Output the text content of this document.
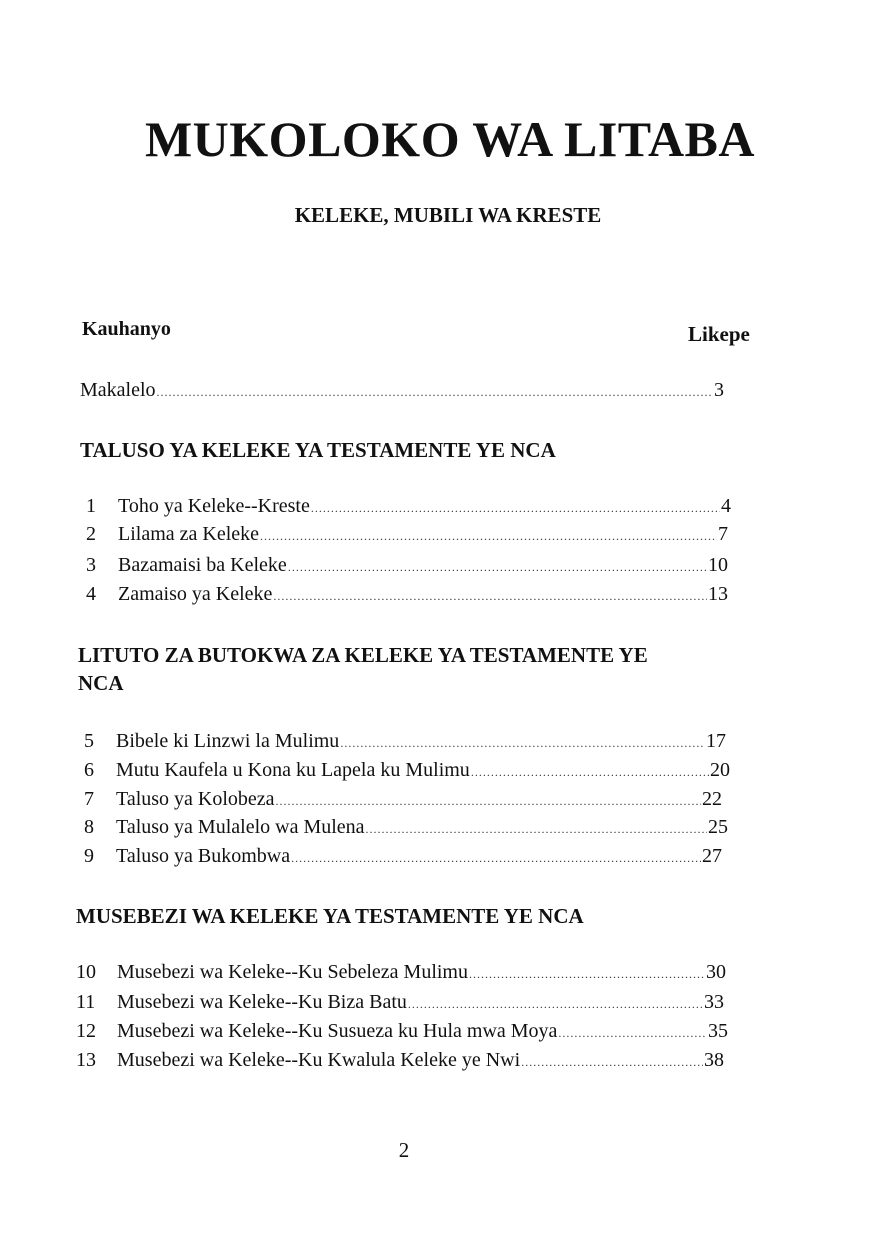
MUKOLOKO WA LITABA
KELEKE, MUBILI WA KRESTE
Kauhanyo	Likepe
Makalelo .....	3
TALUSO YA KELEKE YA TESTAMENTE YE NCA
1	Toho ya Keleke--Kreste .....	4
2	Lilama za Keleke .....	7
3	Bazamaisi ba Keleke .....	10
4	Zamaiso ya Keleke .....	13
LITUTO ZA BUTOKWA ZA KELEKE YA TESTAMENTE YE
NCA
5	Bibele ki Linzwi la Mulimu .....	17
6	Mutu Kaufela u Kona ku Lapela ku Mulimu .....	20
7	Taluso ya Kolobeza .....	22
8	Taluso ya Mulalelo wa Mulena .....	25
9	Taluso ya Bukombwa .....	27
MUSEBEZI WA KELEKE YA TESTAMENTE YE NCA
10	Musebezi wa Keleke--Ku Sebeleza Mulimu .....	30
11	Musebezi wa Keleke--Ku Biza Batu .....	33
12	Musebezi wa Keleke--Ku Susueza ku Hula mwa Moya .....	35
13	Musebezi wa Keleke--Ku Kwalula Keleke ye Nwi .....	38
2
